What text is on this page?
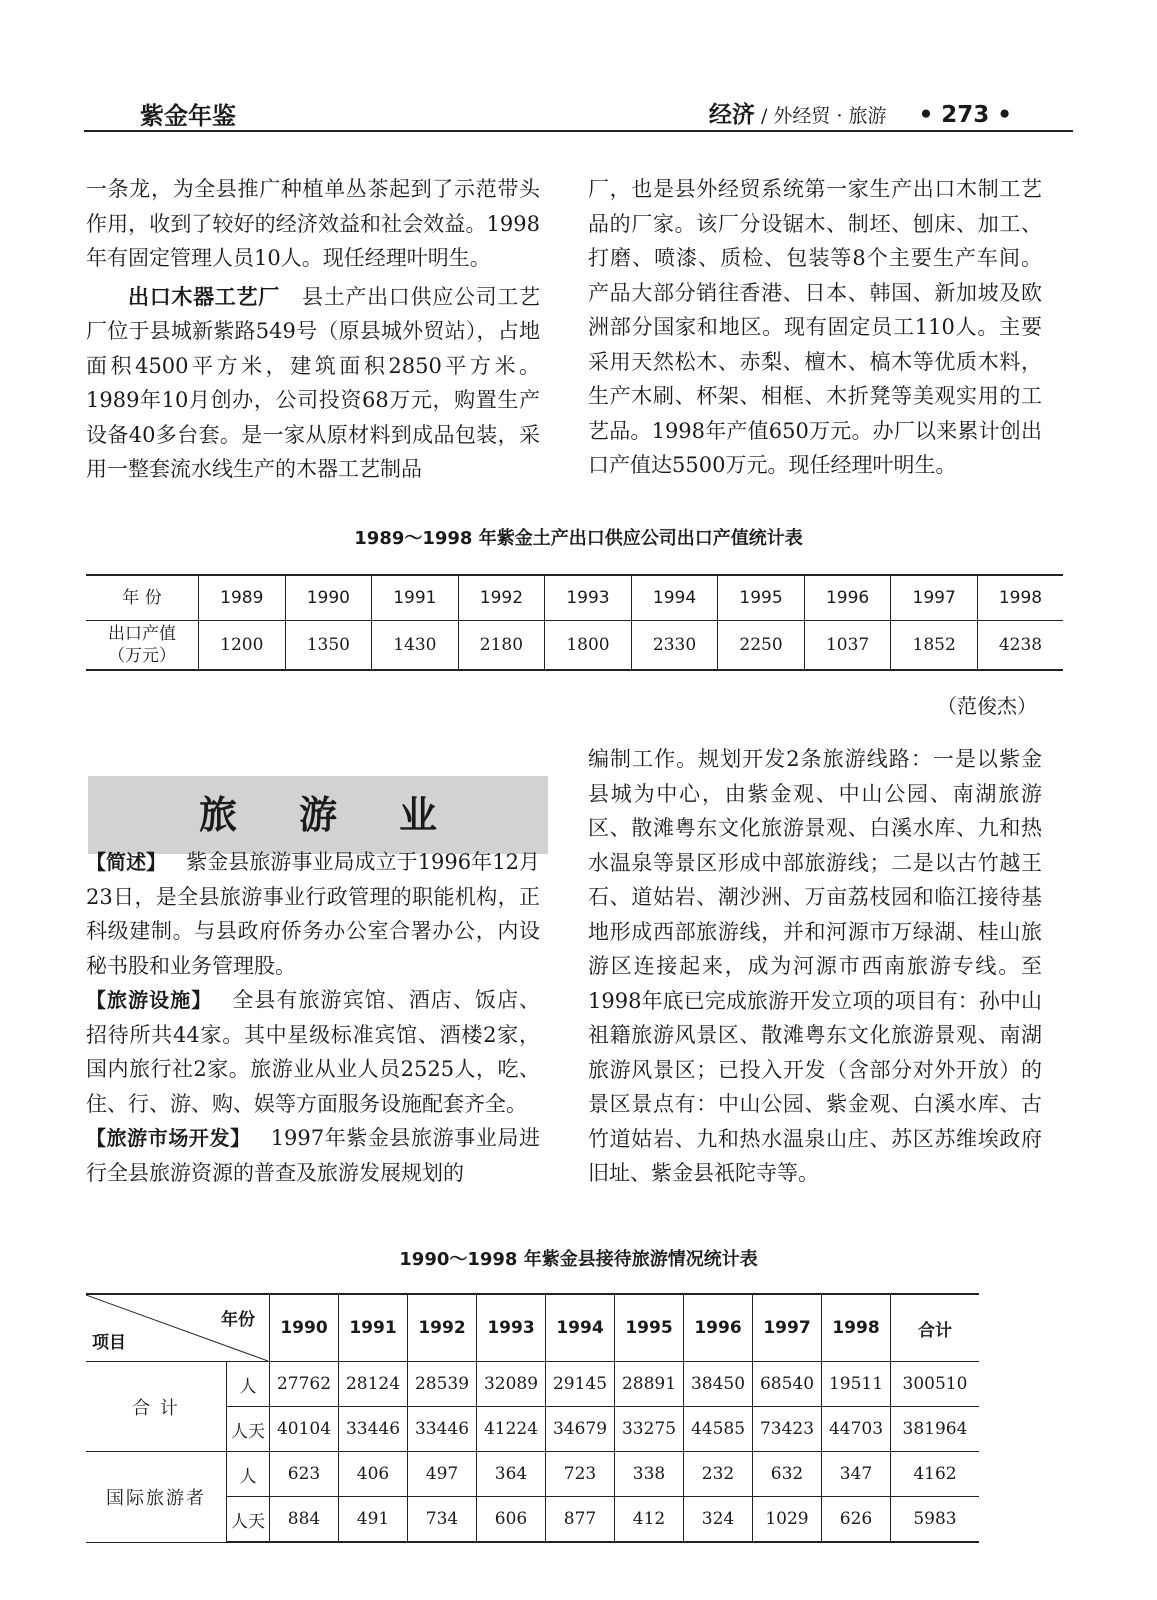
紫金年鉴	经济 / 外经贸 · 旅游 • 273 •

一条龙，为全县推广种植单丛茶起到了示范带头作用，收到了较好的经济效益和社会效益。1998年有固定管理人员10人。现任经理叶明生。

出口木器工艺厂 县土产出口供应公司工艺厂位于县城新紫路549号（原县城外贸站），占地面积4500平方米，建筑面积2850平方米。1989年10月创办，公司投资68万元，购置生产设备40多台套。是一家从原材料到成品包装，采用一整套流水线生产的木器工艺制品

厂，也是县外经贸系统第一家生产出口木制工艺品的厂家。该厂分设锯木、制坯、刨床、加工、打磨、喷漆、质检、包装等8个主要生产车间。产品大部分销往香港、日本、韩国、新加坡及欧洲部分国家和地区。现有固定员工110人。主要采用天然松木、赤梨、檀木、槁木等优质木料，生产木刷、杯架、相框、木折凳等美观实用的工艺品。1998年产值650万元。办厂以来累计创出口产值达5500万元。现任经理叶明生。

1989～1998 年紫金土产出口供应公司出口产值统计表
年 份	1989	1990	1991	1992	1993	1994	1995	1996	1997	1998
出口产值
（万元）	1200	1350	1430	2180	1800	2330	2250	1037	1852	4238
（范俊杰）
旅游业

【简述】 紫金县旅游事业局成立于1996年12月23日，是全县旅游事业行政管理的职能机构，正科级建制。与县政府侨务办公室合署办公，内设秘书股和业务管理股。

【旅游设施】 全县有旅游宾馆、酒店、饭店、招待所共44家。其中星级标准宾馆、酒楼2家，国内旅行社2家。旅游业从业人员2525人，吃、住、行、游、购、娱等方面服务设施配套齐全。

【旅游市场开发】 1997年紫金县旅游事业局进行全县旅游资源的普查及旅游发展规划的

编制工作。规划开发2条旅游线路：一是以紫金县城为中心，由紫金观、中山公园、南湖旅游区、散滩粤东文化旅游景观、白溪水库、九和热水温泉等景区形成中部旅游线；二是以古竹越王石、道姑岩、潮沙洲、万亩荔枝园和临江接待基地形成西部旅游线，并和河源市万绿湖、桂山旅游区连接起来，成为河源市西南旅游专线。至1998年底已完成旅游开发立项的项目有：孙中山祖籍旅游风景区、散滩粤东文化旅游景观、南湖旅游风景区；已投入开发（含部分对外开放）的景区景点有：中山公园、紫金观、白溪水库、古竹道姑岩、九和热水温泉山庄、苏区苏维埃政府旧址、紫金县祇陀寺等。

1990～1998 年紫金县接待旅游情况统计表
年份
项目		1990	1991	1992	1993	1994	1995	1996	1997	1998	合计
合 计	人	27762	28124	28539	32089	29145	28891	38450	68540	19511	300510
	人天	40104	33446	33446	41224	34679	33275	44585	73423	44703	381964
国际旅游者	人	623	406	497	364	723	338	232	632	347	4162
	人天	884	491	734	606	877	412	324	1029	626	5983
